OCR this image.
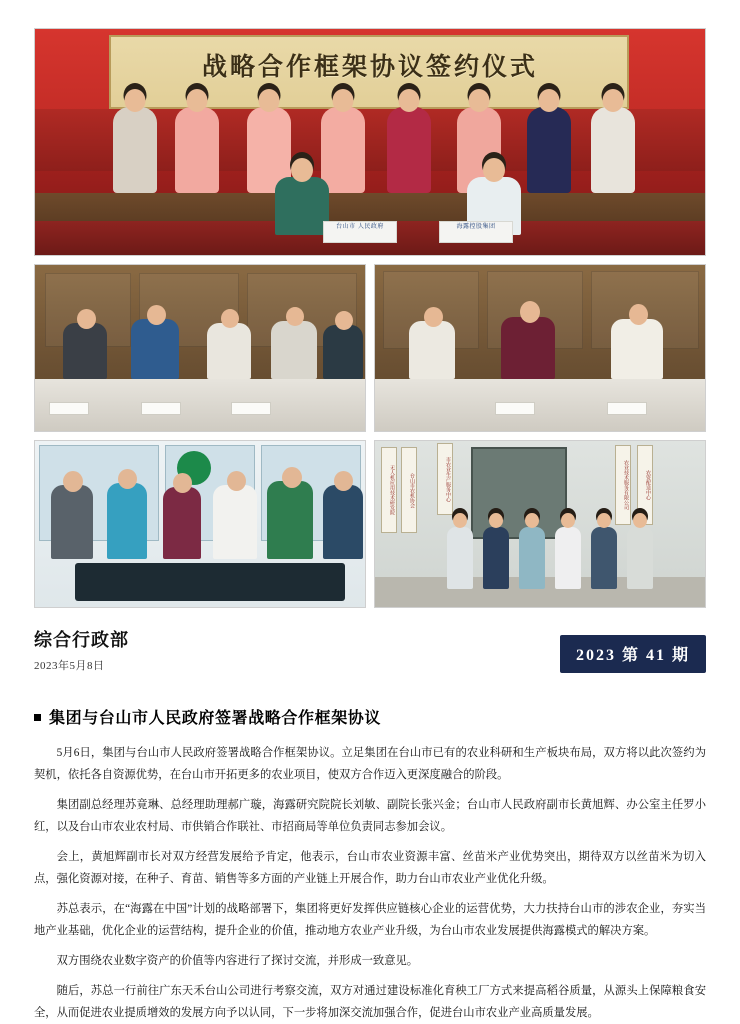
战略合作框架协议签约仪式
台山市 人民政府	海露控股集团
无人机应用技术研发院	台山市农机协会	市农业生产服务中心	农业技术服务有限公司	农资配送中心
综合行政部
2023年5月8日
2023 第 41 期
集团与台山市人民政府签署战略合作框架协议

5月6日，集团与台山市人民政府签署战略合作框架协议。立足集团在台山市已有的农业科研和生产板块布局，双方将以此次签约为契机，依托各自资源优势，在台山市开拓更多的农业项目，使双方合作迈入更深度融合的阶段。

集团副总经理苏竟琳、总经理助理郝广璇，海露研究院院长刘敏、副院长张兴金；台山市人民政府副市长黄旭辉、办公室主任罗小红，以及台山市农业农村局、市供销合作联社、市招商局等单位负责同志参加会议。

会上，黄旭辉副市长对双方经营发展给予肯定，他表示，台山市农业资源丰富、丝苗米产业优势突出，期待双方以丝苗米为切入点，强化资源对接，在种子、育苗、销售等多方面的产业链上开展合作，助力台山市农业产业优化升级。

苏总表示，在“海露在中国”计划的战略部署下，集团将更好发挥供应链核心企业的运营优势，大力扶持台山市的涉农企业，夯实当地产业基础，优化企业的运营结构，提升企业的价值，推动地方农业产业升级，为台山市农业发展提供海露模式的解决方案。

双方围绕农业数字资产的价值等内容进行了探讨交流，并形成一致意见。

随后，苏总一行前往广东天禾台山公司进行考察交流，双方对通过建设标准化育秧工厂方式来提高稻谷质量，从源头上保障粮食安全，从而促进农业提质增效的发展方向予以认同，下一步将加深交流加强合作，促进台山市农业产业高质量发展。
